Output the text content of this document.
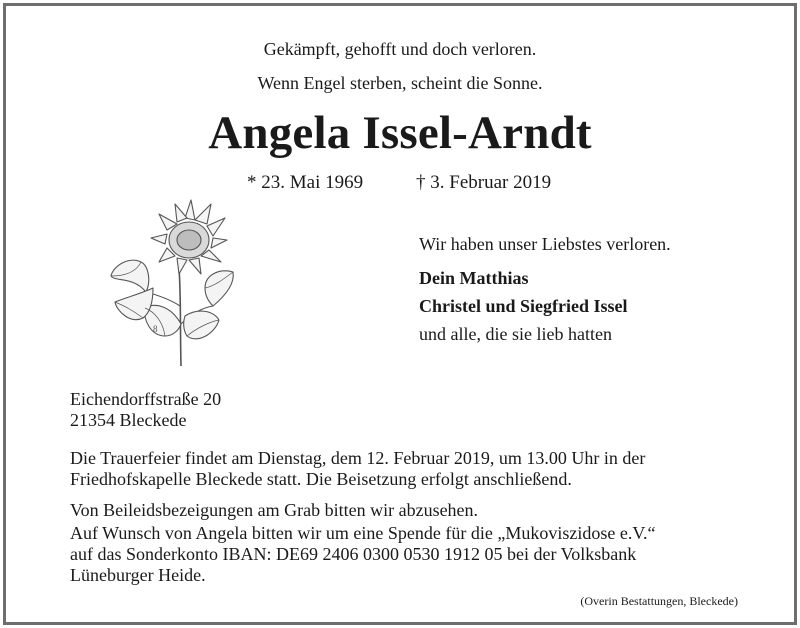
Gekämpft, gehofft und doch verloren.
Wenn Engel sterben, scheint die Sonne.
Angela Issel-Arndt
* 23. Mai 1969	† 3. Februar 2019
8
Wir haben unser Liebstes verloren.
Dein Matthias
Christel und Siegfried Issel
und alle, die sie lieb hatten
Eichendorffstraße 20
21354 Bleckede
Die Trauerfeier findet am Dienstag, dem 12. Februar 2019, um 13.00 Uhr in der
Friedhofskapelle Bleckede statt. Die Beisetzung erfolgt anschließend.
Von Beileidsbezeigungen am Grab bitten wir abzusehen.
Auf Wunsch von Angela bitten wir um eine Spende für die „Mukoviszidose e.V.“
auf das Sonderkonto IBAN: DE69 2406 0300 0530 1912 05 bei der Volksbank
Lüneburger Heide.
(Overin Bestattungen, Bleckede)
